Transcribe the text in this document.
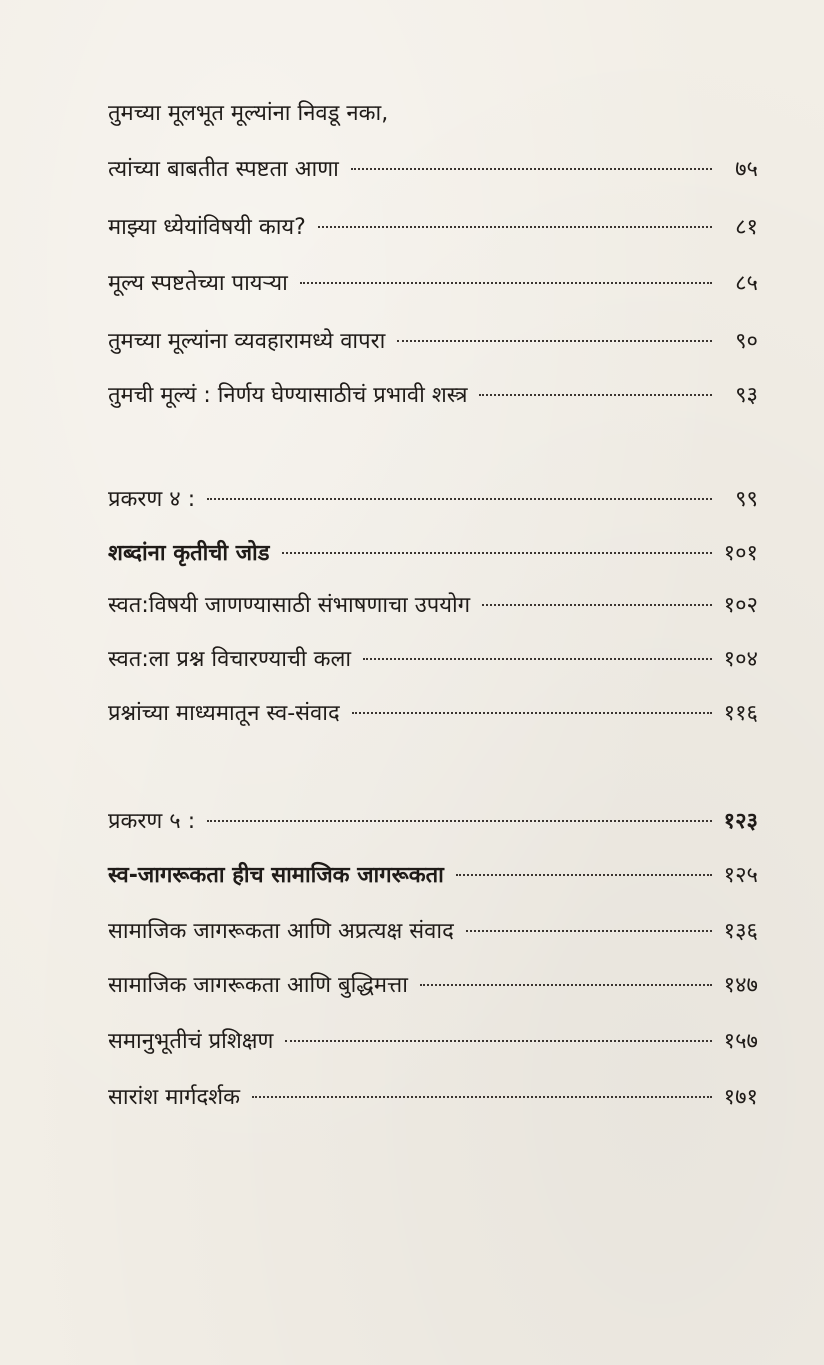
तुमच्या मूलभूत मूल्यांना निवडू नका,
त्यांच्या बाबतीत स्पष्टता आणा	७५
माझ्या ध्येयांविषयी काय?	८१
मूल्य स्पष्टतेच्या पायऱ्या	८५
तुमच्या मूल्यांना व्यवहारामध्ये वापरा	९०
तुमची मूल्यं : निर्णय घेण्यासाठीचं प्रभावी शस्त्र	९३
प्रकरण ४ :	९९
शब्दांना कृतीची जोड	१०१
स्वत:विषयी जाणण्यासाठी संभाषणाचा उपयोग	१०२
स्वत:ला प्रश्न विचारण्याची कला	१०४
प्रश्नांच्या माध्यमातून स्व-संवाद	११६
प्रकरण ५ :	१२३
स्व-जागरूकता हीच सामाजिक जागरूकता	१२५
सामाजिक जागरूकता आणि अप्रत्यक्ष संवाद	१३६
सामाजिक जागरूकता आणि बुद्धिमत्ता	१४७
समानुभूतीचं प्रशिक्षण	१५७
सारांश मार्गदर्शक	१७१
